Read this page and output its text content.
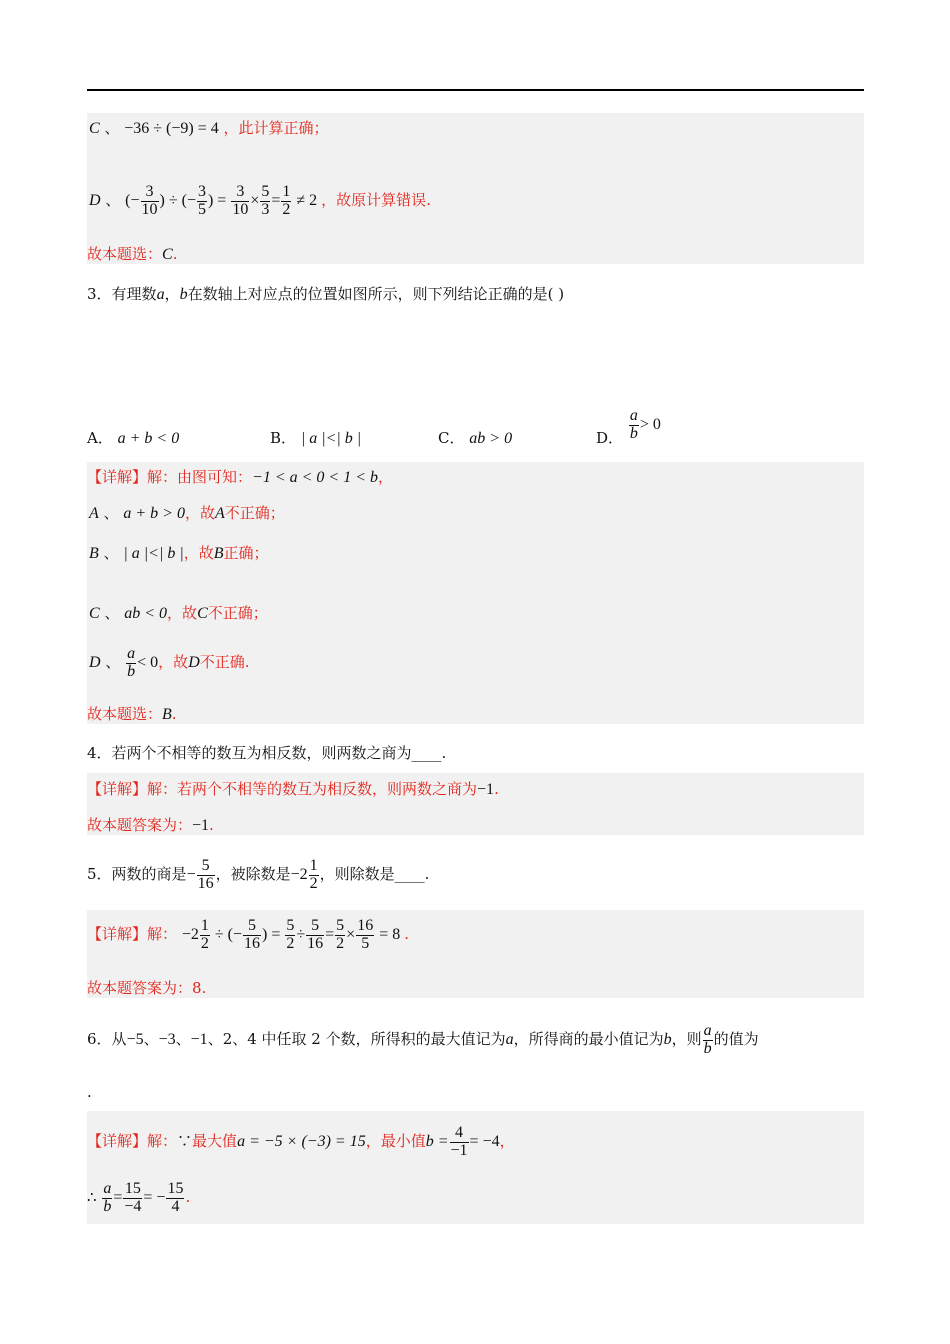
C 、 −36 ÷ (−9) = 4 ，此计算正确；
D 、 (− $\frac{3}{10}$ ) ÷ (− $\frac{3}{5}$ ) = $\frac{3}{10} \times \frac{5}{3} = \frac{1}{2} \ne 2$ ，故原计算错误.
故本题选：C.
3．有理数a，b在数轴上对应点的位置如图所示，则下列结论正确的是( )
A． a + b < 0	B． | a |<| b |	C． ab > 0	D． $\frac{a}{b} > 0$
【详解】解：由图可知：−1 < a < 0 < 1 < b，
A 、 a + b > 0，故A不正确；
B 、 | a |<| b |，故B正确；
C 、 ab < 0，故C不正确；
D 、 $\frac{a}{b} < 0$，故D不正确.
故本题选：B.
4．若两个不相等的数互为相反数，则两数之商为____.
【详解】解：若两个不相等的数互为相反数，则两数之商为−1.
故本题答案为：−1.
5．两数的商是− $\frac{5}{16}$ ，被除数是$-2 \frac{1}{2}$ ，则除数是____.
【详解】解： $-2 \frac{1}{2}$ ÷ (− $\frac{5}{16}$ ) = $\frac{5}{2} \div \frac{5}{16} = \frac{5}{2} \times \frac{16}{5} = 8$ .
故本题答案为：8.
6．从−5、−3、−1、2、4 中任取 2 个数，所得积的最大值记为a，所得商的最小值记为b，则 $\frac{a}{b}$ 的值为
.
【详解】解：∵最大值a = −5 × (−3) = 15，最小值$b = \frac{4}{-1} = -4$，
∴ $\frac{a}{b} = \frac{15}{-4}$ = − $\frac{15}{4}$ .
